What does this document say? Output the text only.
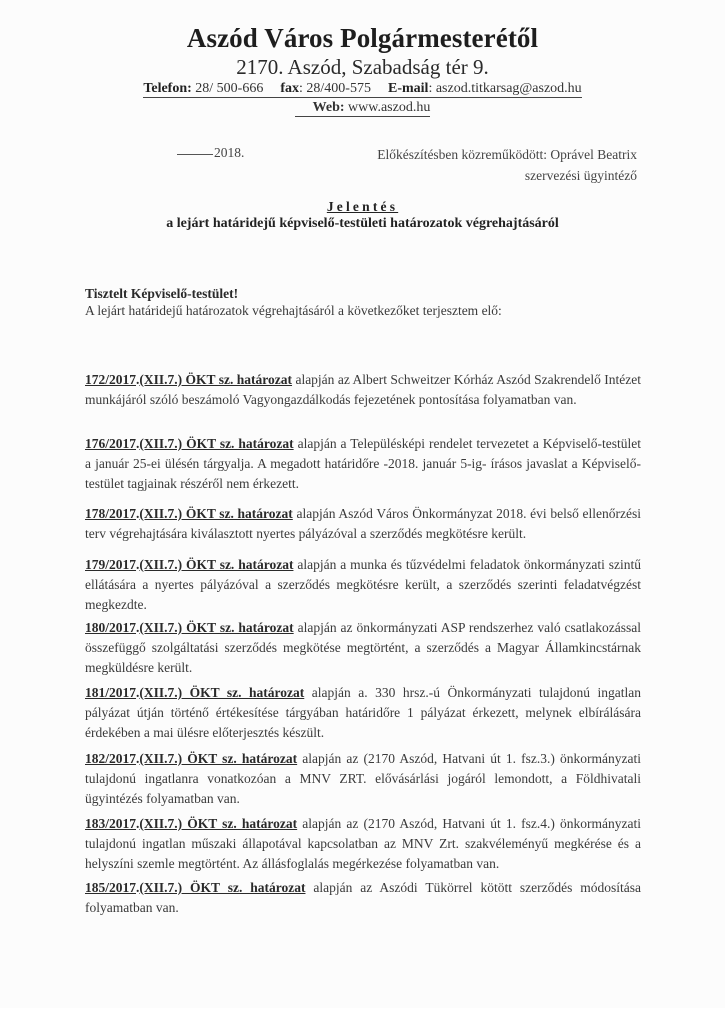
Aszód Város Polgármesterétől
2170. Aszód, Szabadság tér 9.
Telefon: 28/ 500-666 fax: 28/400-575 E-mail: aszod.titkarsag@aszod.hu
Web: www.aszod.hu
2018.	Előkészítésben közreműködött: Oprável Beatrix
szervezési ügyintéző
Jelentés
a lejárt határidejű képviselő-testületi határozatok végrehajtásáról
Tisztelt Képviselő-testület!
A lejárt határidejű határozatok végrehajtásáról a következőket terjesztem elő:
172/2017.(XII.7.) ÖKT sz. határozat alapján az Albert Schweitzer Kórház Aszód Szakrendelő Intézet munkájáról szóló beszámoló Vagyongazdálkodás fejezetének pontosítása folyamatban van.
176/2017.(XII.7.) ÖKT sz. határozat alapján a Településképi rendelet tervezetet a Képviselő-testület a január 25-ei ülésén tárgyalja. A megadott határidőre -2018. január 5-ig- írásos javaslat a Képviselő-testület tagjainak részéről nem érkezett.
178/2017.(XII.7.) ÖKT sz. határozat alapján Aszód Város Önkormányzat 2018. évi belső ellenőrzési terv végrehajtására kiválasztott nyertes pályázóval a szerződés megkötésre került.
179/2017.(XII.7.) ÖKT sz. határozat alapján a munka és tűzvédelmi feladatok önkormányzati szintű ellátására a nyertes pályázóval a szerződés megkötésre került, a szerződés szerinti feladatvégzést megkezdte.
180/2017.(XII.7.) ÖKT sz. határozat alapján az önkormányzati ASP rendszerhez való csatlakozással összefüggő szolgáltatási szerződés megkötése megtörtént, a szerződés a Magyar Államkincstárnak megküldésre került.
181/2017.(XII.7.) ÖKT sz. határozat alapján a. 330 hrsz.-ú Önkormányzati tulajdonú ingatlan pályázat útján történő értékesítése tárgyában határidőre 1 pályázat érkezett, melynek elbírálására érdekében a mai ülésre előterjesztés készült.
182/2017.(XII.7.) ÖKT sz. határozat alapján az (2170 Aszód, Hatvani út 1. fsz.3.) önkormányzati tulajdonú ingatlanra vonatkozóan a MNV ZRT. elővásárlási jogáról lemondott, a Földhivatali ügyintézés folyamatban van.
183/2017.(XII.7.) ÖKT sz. határozat alapján az (2170 Aszód, Hatvani út 1. fsz.4.) önkormányzati tulajdonú ingatlan műszaki állapotával kapcsolatban az MNV Zrt. szakvéleményű megkérése és a helyszíni szemle megtörtént. Az állásfoglalás megérkezése folyamatban van.
185/2017.(XII.7.) ÖKT sz. határozat alapján az Aszódi Tükörrel kötött szerződés módosítása folyamatban van.
